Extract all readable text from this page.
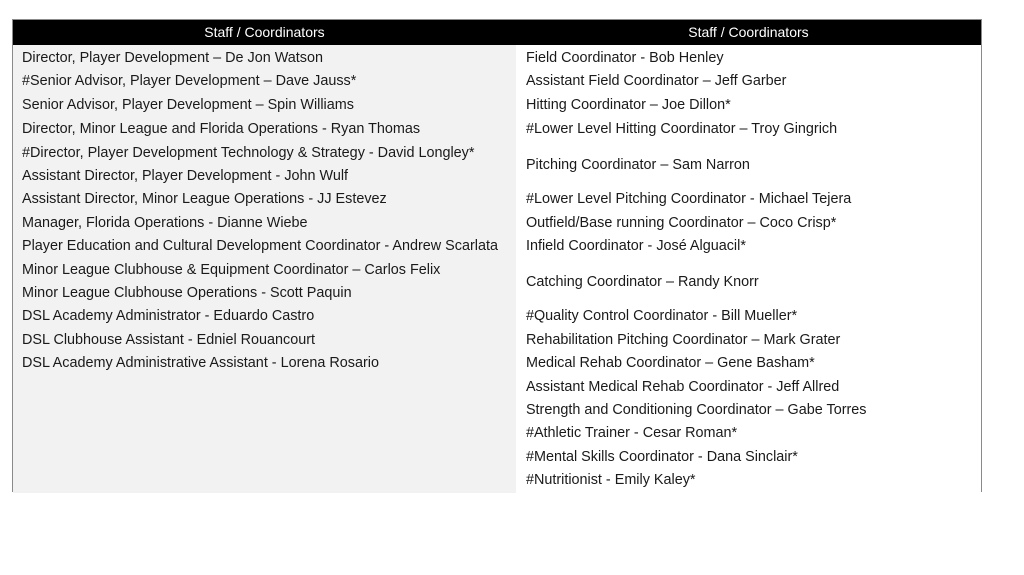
Staff / Coordinators	Staff / Coordinators
Director, Player Development – De Jon Watson
#Senior Advisor, Player Development – Dave Jauss*
Senior Advisor, Player Development – Spin Williams
Director, Minor League and Florida Operations - Ryan Thomas
#Director, Player Development Technology & Strategy - David Longley*
Assistant Director, Player Development - John Wulf
Assistant Director, Minor League Operations - JJ Estevez
Manager, Florida Operations - Dianne Wiebe
Player Education and Cultural Development Coordinator - Andrew Scarlata
Minor League Clubhouse & Equipment Coordinator – Carlos Felix
Minor League Clubhouse Operations - Scott Paquin
DSL Academy Administrator - Eduardo Castro
DSL Clubhouse Assistant - Edniel Rouancourt
DSL Academy Administrative Assistant - Lorena Rosario
Field Coordinator - Bob Henley
Assistant Field Coordinator – Jeff Garber
Hitting Coordinator – Joe Dillon*
#Lower Level Hitting Coordinator – Troy Gingrich
Pitching Coordinator – Sam Narron
#Lower Level Pitching Coordinator - Michael Tejera
Outfield/Base running Coordinator – Coco Crisp*
Infield Coordinator - José Alguacil*
Catching Coordinator – Randy Knorr
#Quality Control Coordinator - Bill Mueller*
Rehabilitation Pitching Coordinator – Mark Grater
Medical Rehab Coordinator – Gene Basham*
Assistant Medical Rehab Coordinator - Jeff Allred
Strength and Conditioning Coordinator – Gabe Torres
#Athletic Trainer - Cesar Roman*
#Mental Skills Coordinator - Dana Sinclair*
#Nutritionist - Emily Kaley*
